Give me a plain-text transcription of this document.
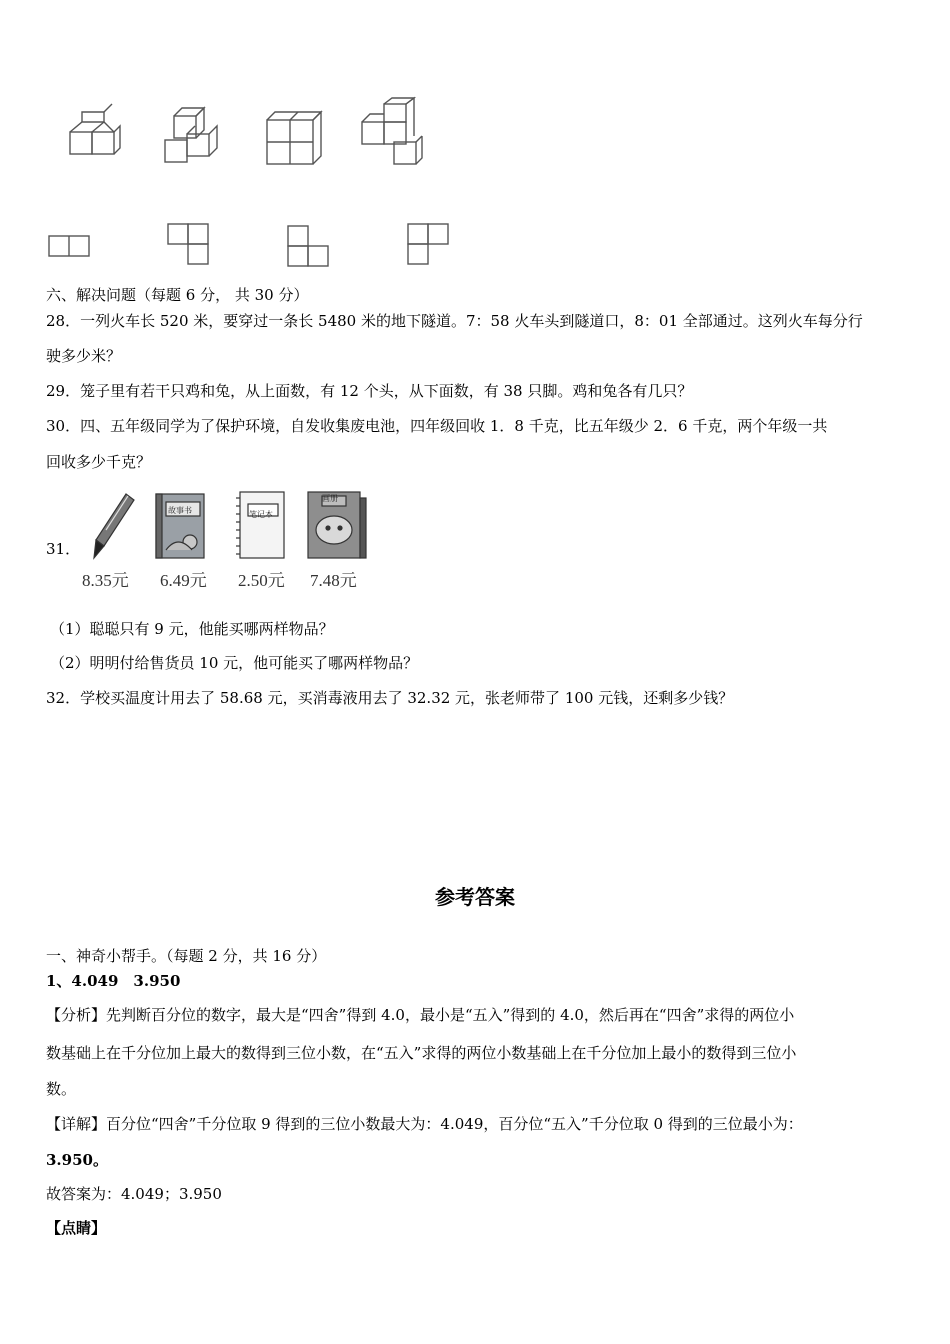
六、解决问题（每题 6 分， 共 30 分）
28．一列火车长 520 米，要穿过一条长 5480 米的地下隧道。7：58 火车头到隧道口，8：01 全部通过。这列火车每分行
驶多少米？
29．笼子里有若干只鸡和兔，从上面数，有 12 个头，从下面数，有 38 只脚。鸡和兔各有几只？
30．四、五年级同学为了保护环境，自发收集废电池，四年级回收 1．8 千克，比五年级少 2．6 千克，两个年级一共
回收多少千克？
31．
故事书	笔记本
画册
8.35元 6.49元 2.50元 7.48元
（1）聪聪只有 9 元，他能买哪两样物品？
（2）明明付给售货员 10 元，他可能买了哪两样物品？
32．学校买温度计用去了 58.68 元，买消毒液用去了 32.32 元，张老师带了 100 元钱，还剩多少钱？
参考答案
一、神奇小帮手。（每题 2 分，共 16 分）
1、4.049　3.950
【分析】先判断百分位的数字，最大是“四舍”得到 4.0，最小是“五入”得到的 4.0，然后再在“四舍”求得的两位小
数基础上在千分位加上最大的数得到三位小数，在“五入”求得的两位小数基础上在千分位加上最小的数得到三位小
数。
【详解】百分位“四舍”千分位取 9 得到的三位小数最大为：4.049，百分位“五入”千分位取 0 得到的三位最小为：
3.950。
故答案为：4.049；3.950
【点睛】
